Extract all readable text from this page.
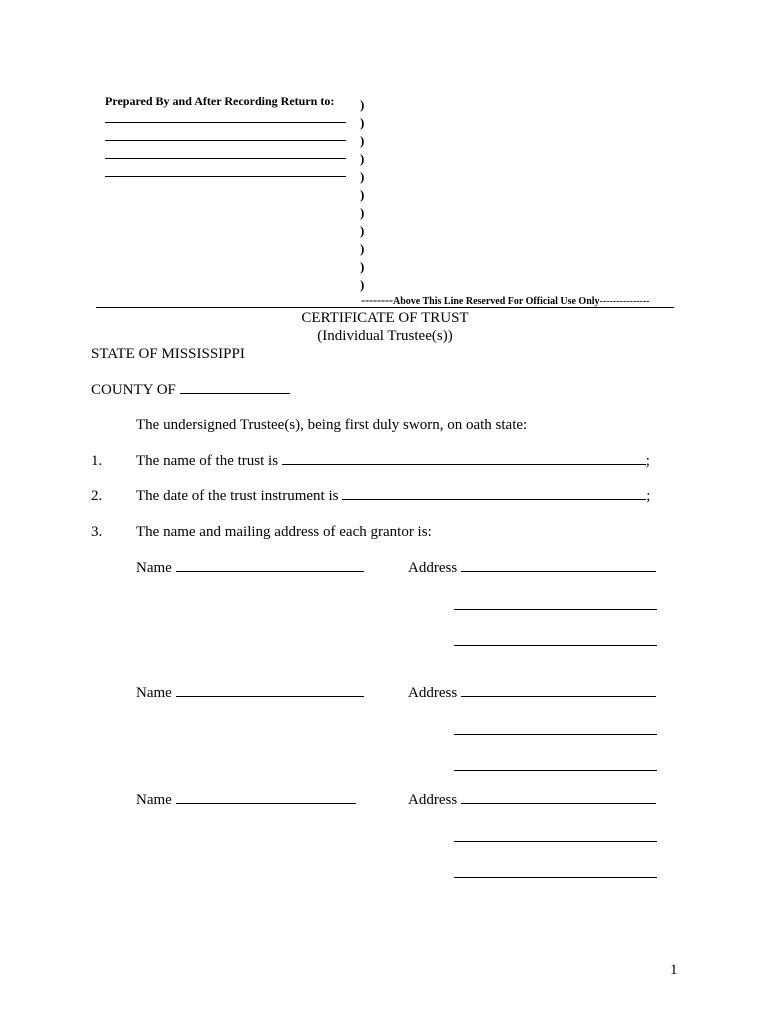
Prepared By and After Recording Return to: )
)
)
)
)
)
)
)
)
)
)
--------Above This Line Reserved For Official Use Only---------------
CERTIFICATE OF TRUST
(Individual Trustee(s))
STATE OF MISSISSIPPI
COUNTY OF
The undersigned Trustee(s), being first duly sworn, on oath state:
1. The name of the trust is	;
2. The date of the trust instrument is	;
3. The name and mailing address of each grantor is:
Name	Address
Name	Address
Name	Address
1
